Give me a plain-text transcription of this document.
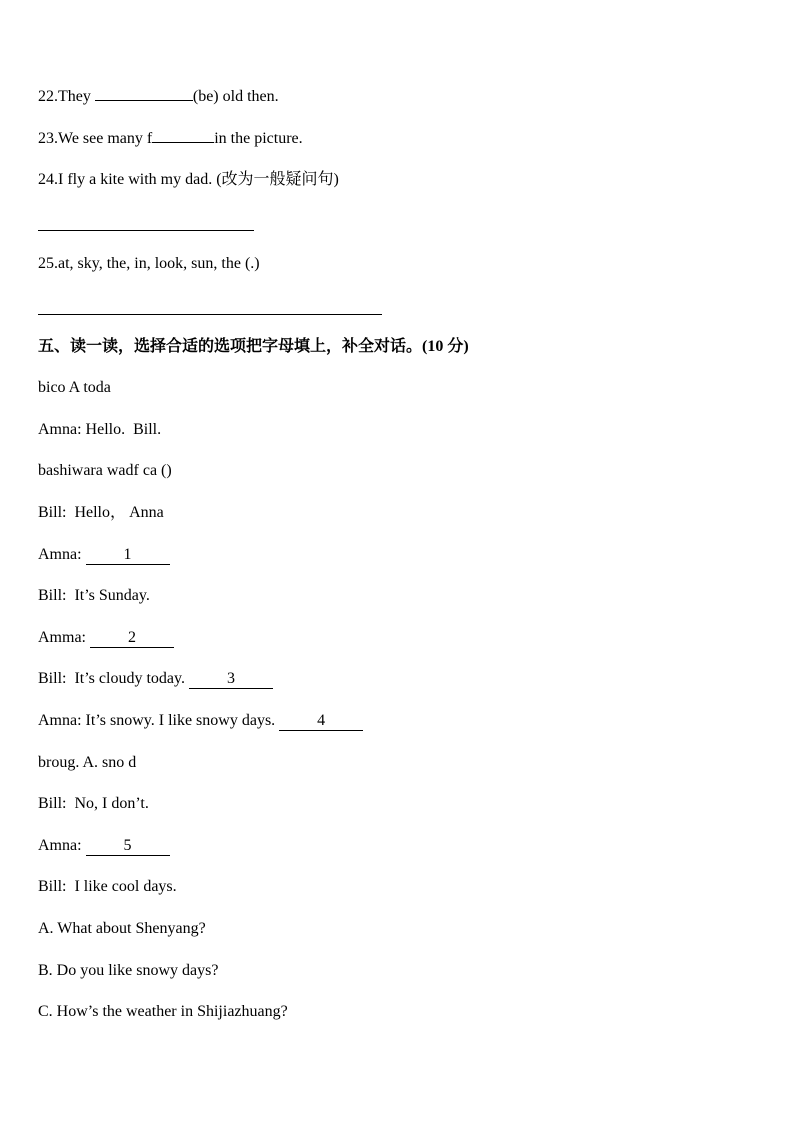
22.They	(be) old then.
23.We see many f	in the picture.
24.I fly a kite with my dad. (改为一般疑问句)
25.at, sky, the, in, look, sun, the (.)
五、读一读，选择合适的选项把字母填上，补全对话。(10 分)
bico A toda
Amna: Hello.  Bill.
bashiwara wadf ca ()
Bill:  Hello， Anna
Amna: 1
Bill:  It’s Sunday.
Amma: 2
Bill:  It’s cloudy today. 3
Amna: It’s snowy. I like snowy days. 4
broug. A. sno d
Bill:  No, I don’t.
Amna: 5
Bill:  I like cool days.
A. What about Shenyang?
B. Do you like snowy days?
C. How’s the weather in Shijiazhuang?
